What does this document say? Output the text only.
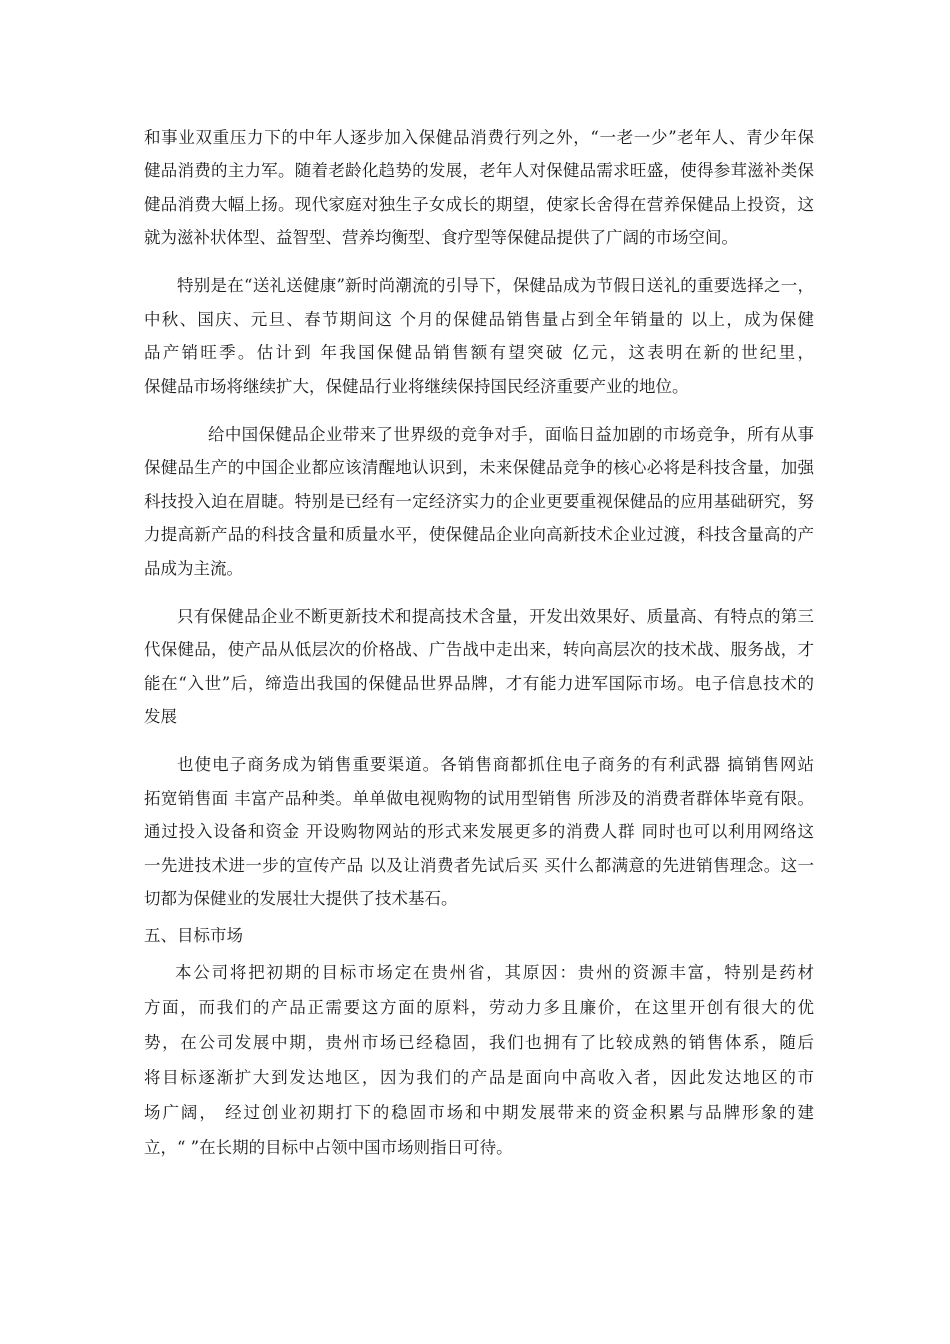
和事业双重压力下的中年人逐步加入保健品消费行列之外，“一老一少”老年人、青少年保
健品消费的主力军。随着老龄化趋势的发展，老年人对保健品需求旺盛，使得参茸滋补类保
健品消费大幅上扬。现代家庭对独生子女成长的期望，使家长舍得在营养保健品上投资，这
就为滋补状体型、益智型、营养均衡型、食疗型等保健品提供了广阔的市场空间。
特别是在“送礼送健康”新时尚潮流的引导下，保健品成为节假日送礼的重要选择之一，
中秋、国庆、元旦、春节期间这 个月的保健品销售量占到全年销量的 以上，成为保健
品产销旺季。估计到 年我国保健品销售额有望突破 亿元，这表明在新的世纪里，
保健品市场将继续扩大，保健品行业将继续保持国民经济重要产业的地位。
给中国保健品企业带来了世界级的竞争对手，面临日益加剧的市场竞争，所有从事
保健品生产的中国企业都应该清醒地认识到，未来保健品竞争的核心必将是科技含量，加强
科技投入迫在眉睫。特别是已经有一定经济实力的企业更要重视保健品的应用基础研究，努
力提高新产品的科技含量和质量水平，使保健品企业向高新技术企业过渡，科技含量高的产
品成为主流。
只有保健品企业不断更新技术和提高技术含量，开发出效果好、质量高、有特点的第三
代保健品，使产品从低层次的价格战、广告战中走出来，转向高层次的技术战、服务战，才
能在“入世”后，缔造出我国的保健品世界品牌，才有能力进军国际市场。电子信息技术的
发展
也使电子商务成为销售重要渠道。各销售商都抓住电子商务的有利武器 搞销售网站
拓宽销售面 丰富产品种类。单单做电视购物的试用型销售 所涉及的消费者群体毕竟有限。
通过投入设备和资金 开设购物网站的形式来发展更多的消费人群 同时也可以利用网络这
一先进技术进一步的宣传产品 以及让消费者先试后买 买什么都满意的先进销售理念。这一
切都为保健业的发展壮大提供了技术基石。
五、目标市场
本公司将把初期的目标市场定在贵州省，其原因：贵州的资源丰富，特别是药材
方面，而我们的产品正需要这方面的原料，劳动力多且廉价，在这里开创有很大的优
势，在公司发展中期，贵州市场已经稳固，我们也拥有了比较成熟的销售体系，随后
将目标逐渐扩大到发达地区，因为我们的产品是面向中高收入者，因此发达地区的市
场广阔， 经过创业初期打下的稳固市场和中期发展带来的资金积累与品牌形象的建
立，“ ”在长期的目标中占领中国市场则指日可待。
